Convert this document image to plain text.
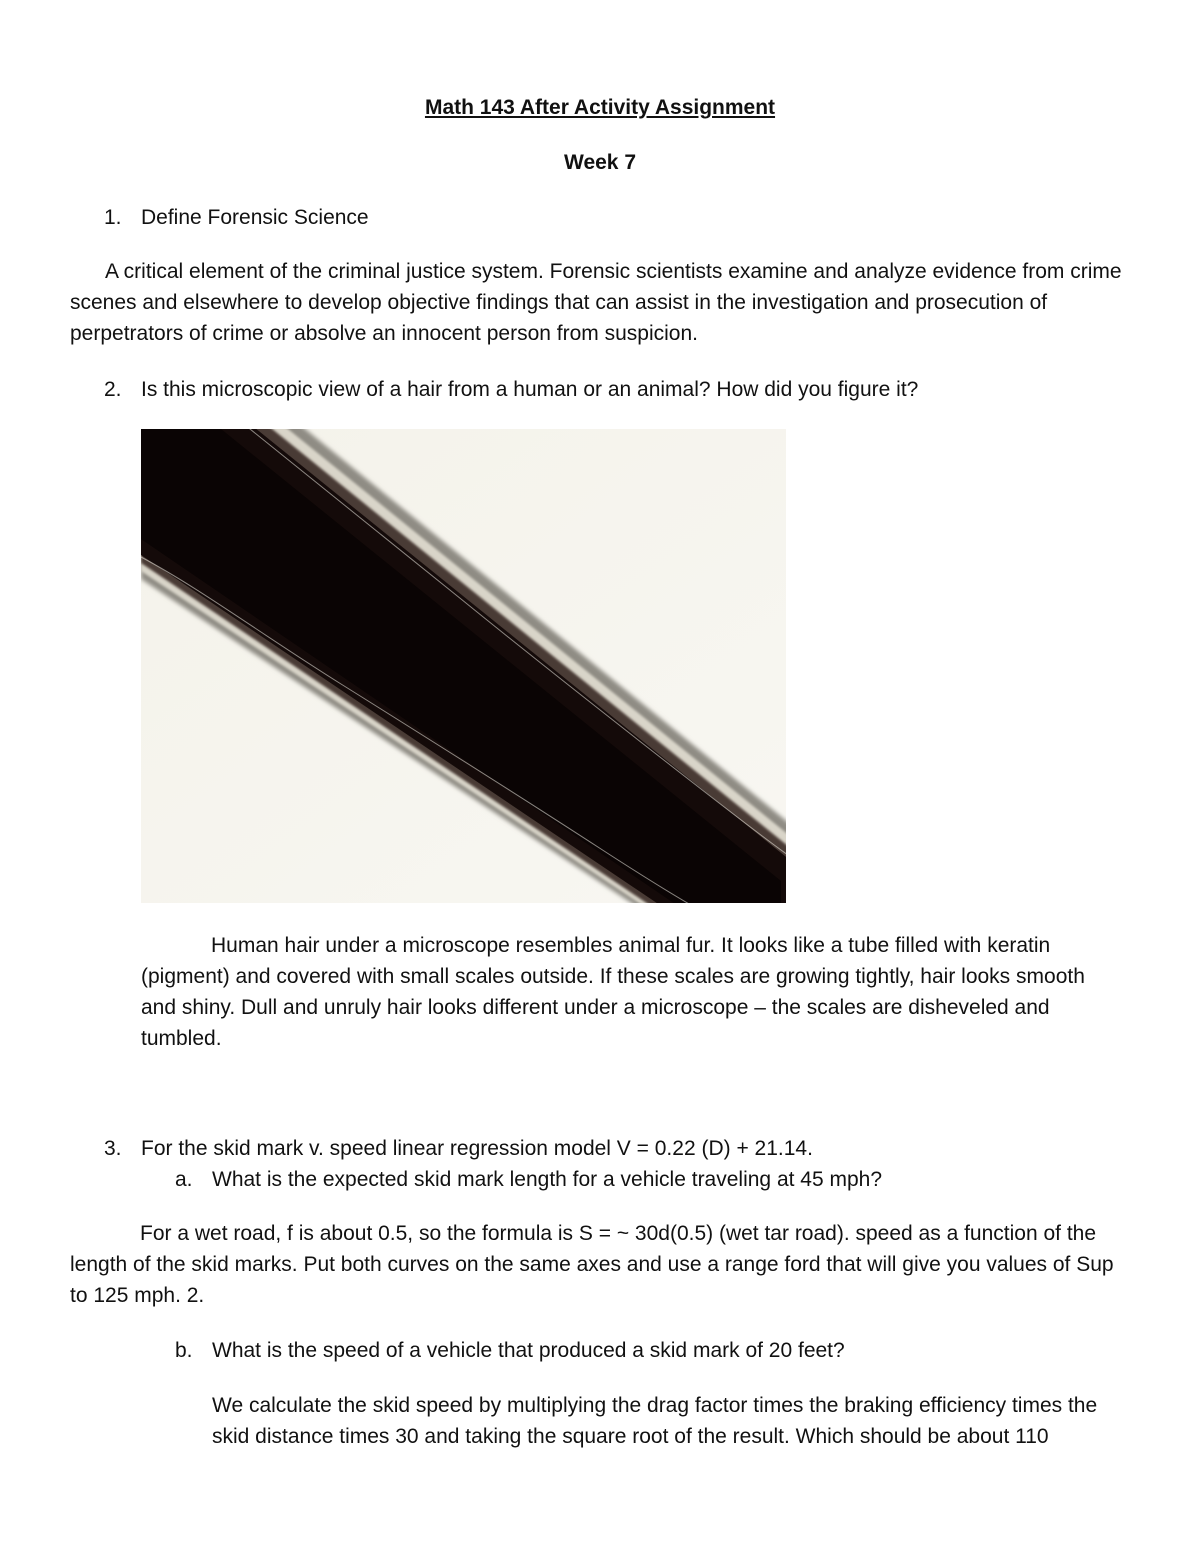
Math 143 After Activity Assignment
Week 7
1. Define Forensic Science
A critical element of the criminal justice system. Forensic scientists examine and analyze evidence from crime scenes and elsewhere to develop objective findings that can assist in the investigation and prosecution of perpetrators of crime or absolve an innocent person from suspicion.
2. Is this microscopic view of a hair from a human or an animal? How did you figure it?
Human hair under a microscope resembles animal fur. It looks like a tube filled with keratin (pigment) and covered with small scales outside. If these scales are growing tightly, hair looks smooth and shiny. Dull and unruly hair looks different under a microscope – the scales are disheveled and tumbled.
3. For the skid mark v. speed linear regression model V = 0.22 (D) + 21.14.
a. What is the expected skid mark length for a vehicle traveling at 45 mph?
For a wet road, f is about 0.5, so the formula is S = ~ 30d(0.5) (wet tar road). speed as a function of the length of the skid marks. Put both curves on the same axes and use a range ford that will give you values of Sup to 125 mph. 2.
b. What is the speed of a vehicle that produced a skid mark of 20 feet?
We calculate the skid speed by multiplying the drag factor times the braking efficiency times the skid distance times 30 and taking the square root of the result. Which should be about 110
